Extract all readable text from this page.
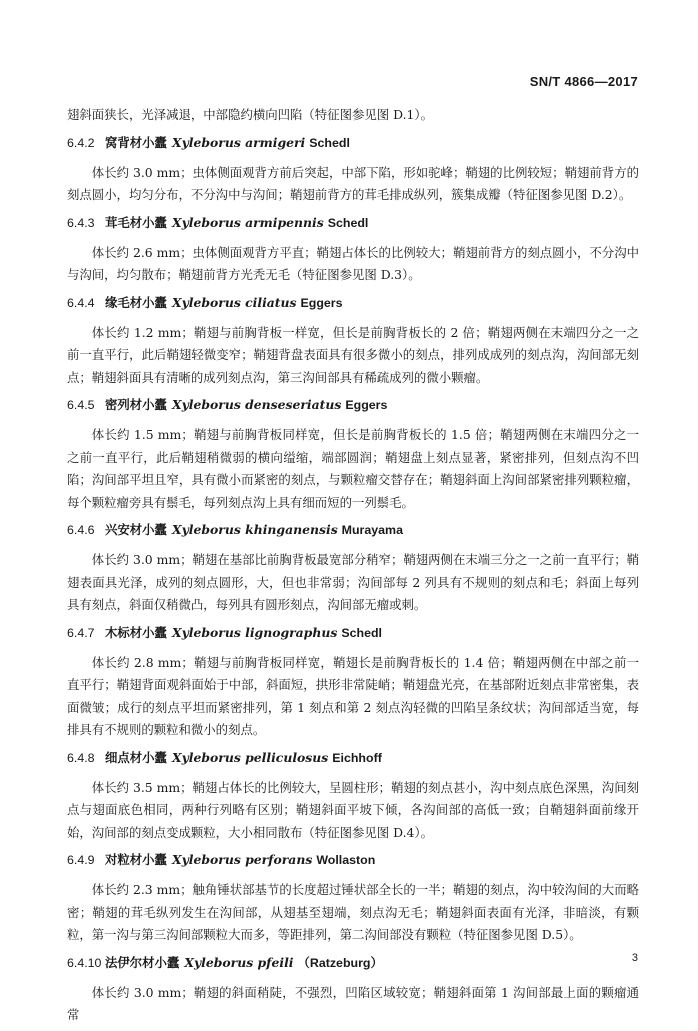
SN/T 4866—2017

翅斜面狭长，光泽减退，中部隐约横向凹陷（特征图参见图 D.1）。

6.4.2 窝背材小蠹 Xyleborus armigeri Schedl

体长约 3.0 mm；虫体侧面观背方前后突起，中部下陷，形如驼峰；鞘翅的比例较短；鞘翅前背方的刻点圆小，均匀分布，不分沟中与沟间；鞘翅前背方的茸毛排成纵列，簇集成瓣（特征图参见图 D.2）。

6.4.3 茸毛材小蠹 Xyleborus armipennis Schedl

体长约 2.6 mm；虫体侧面观背方平直；鞘翅占体长的比例较大；鞘翅前背方的刻点圆小，不分沟中与沟间，均匀散布；鞘翅前背方光秃无毛（特征图参见图 D.3）。

6.4.4 缘毛材小蠹 Xyleborus ciliatus Eggers

体长约 1.2 mm；鞘翅与前胸背板一样宽，但长是前胸背板长的 2 倍；鞘翅两侧在末端四分之一之前一直平行，此后鞘翅轻微变窄；鞘翅背盘表面具有很多微小的刻点，排列成成列的刻点沟，沟间部无刻点；鞘翅斜面具有清晰的成列刻点沟，第三沟间部具有稀疏成列的微小颗瘤。

6.4.5 密列材小蠹 Xyleborus denseseriatus Eggers

体长约 1.5 mm；鞘翅与前胸背板同样宽，但长是前胸背板长的 1.5 倍；鞘翅两侧在末端四分之一之前一直平行，此后鞘翅稍微弱的横向缢缩，端部圆润；鞘翅盘上刻点显著，紧密排列，但刻点沟不凹陷；沟间部平坦且窄，具有微小而紧密的刻点，与颗粒瘤交替存在；鞘翅斜面上沟间部紧密排列颗粒瘤，每个颗粒瘤旁具有鬃毛，每列刻点沟上具有细而短的一列鬃毛。

6.4.6 兴安材小蠹 Xyleborus khinganensis Murayama

体长约 3.0 mm；鞘翅在基部比前胸背板最宽部分稍窄；鞘翅两侧在末端三分之一之前一直平行；鞘翅表面具光泽，成列的刻点圆形，大，但也非常弱；沟间部每 2 列具有不规则的刻点和毛；斜面上每列具有刻点，斜面仅稍微凸，每列具有圆形刻点，沟间部无瘤或刺。

6.4.7 木标材小蠹 Xyleborus lignographus Schedl

体长约 2.8 mm；鞘翅与前胸背板同样宽，鞘翅长是前胸背板长的 1.4 倍；鞘翅两侧在中部之前一直平行；鞘翅背面观斜面始于中部，斜面短，拱形非常陡峭；鞘翅盘光亮，在基部附近刻点非常密集，表面微皱；成行的刻点平坦而紧密排列，第 1 刻点和第 2 刻点沟轻微的凹陷呈条纹状；沟间部适当宽，每排具有不规则的颗粒和微小的刻点。

6.4.8 细点材小蠹 Xyleborus pelliculosus Eichhoff

体长约 3.5 mm；鞘翅占体长的比例较大，呈圆柱形；鞘翅的刻点甚小，沟中刻点底色深黑，沟间刻点与翅面底色相同，两种行列略有区别；鞘翅斜面平坡下倾，各沟间部的高低一致；自鞘翅斜面前缘开始，沟间部的刻点变成颗粒，大小相同散布（特征图参见图 D.4）。

6.4.9 对粒材小蠹 Xyleborus perforans Wollaston

体长约 2.3 mm；触角锤状部基节的长度超过锤状部全长的一半；鞘翅的刻点，沟中较沟间的大而略密；鞘翅的茸毛纵列发生在沟间部，从翅基至翅端，刻点沟无毛；鞘翅斜面表面有光泽，非暗淡，有颗粒，第一沟与第三沟间部颗粒大而多，等距排列，第二沟间部没有颗粒（特征图参见图 D.5）。

6.4.10 法伊尔材小蠹 Xyleborus pfeili （Ratzeburg）

体长约 3.0 mm；鞘翅的斜面稍陡，不强烈，凹陷区域较宽；鞘翅斜面第 1 沟间部最上面的颗瘤通常

3
